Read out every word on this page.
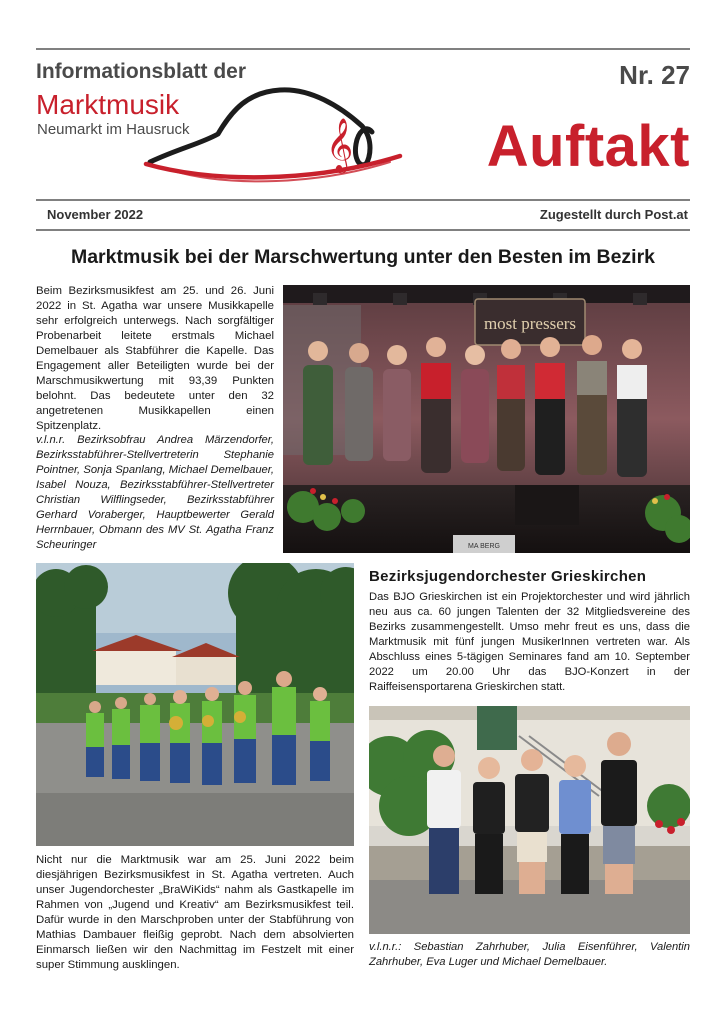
Informationsblatt der	Nr. 27
Marktmusik
Neumarkt im Hausruck	𝄞 Auftakt
November 2022	Zugestellt durch Post.at
Marktmusik bei der Marschwertung unter den Besten im Bezirk
Beim Bezirksmusikfest am 25. und 26. Juni 2022 in St. Agatha war unsere Musikkapelle sehr erfolgreich unterwegs. Nach sorgfältiger Probenarbeit leitete erstmals Michael Demelbauer als Stabführer die Kapelle. Das Engagement aller Beteiligten wurde bei der Marschmusikwertung mit 93,39 Punkten belohnt. Das bedeutete unter den 32 angetretenen Musikkapellen einen Spitzenplatz.
v.l.n.r. Bezirksobfrau Andrea Märzendorfer, Bezirksstabführer-Stellvertreterin Stephanie Pointner, Sonja Spanlang, Michael Demelbauer, Isabel Nouza, Bezirksstabführer-Stellvertreter Christian Wilflingseder, Bezirksstabführer Gerhard Voraberger, Hauptbewerter Gerald Herrnbauer, Obmann des MV St. Agatha Franz Scheuringer
most pressers
MA BERG
Nicht nur die Marktmusik war am 25. Juni 2022 beim diesjährigen Bezirksmusikfest in St. Agatha vertreten. Auch unser Jugendorchester „BraWiKids“ nahm als Gastkapelle im Rahmen von „Jugend und Kreativ“ am Bezirksmusikfest teil. Dafür wurde in den Marschproben unter der Stabführung von Mathias Dambauer fleißig geprobt. Nach dem absolvierten Einmarsch ließen wir den Nachmittag im Festzelt mit einer super Stimmung ausklingen.
Bezirksjugendorchester Grieskirchen
Das BJO Grieskirchen ist ein Projektorchester und wird jährlich neu aus ca. 60 jungen Talenten der 32 Mitgliedsvereine des Bezirks zusammengestellt. Umso mehr freut es uns, dass die Marktmusik mit fünf jungen MusikerInnen vertreten war. Als Abschluss eines 5-tägigen Seminares fand am 10. September 2022 um 20.00 Uhr das BJO-Konzert in der Raiffeisensportarena Grieskirchen statt.
v.l.n.r.: Sebastian Zahrhuber, Julia Eisenführer, Valentin Zahrhuber, Eva Luger und Michael Demelbauer.
